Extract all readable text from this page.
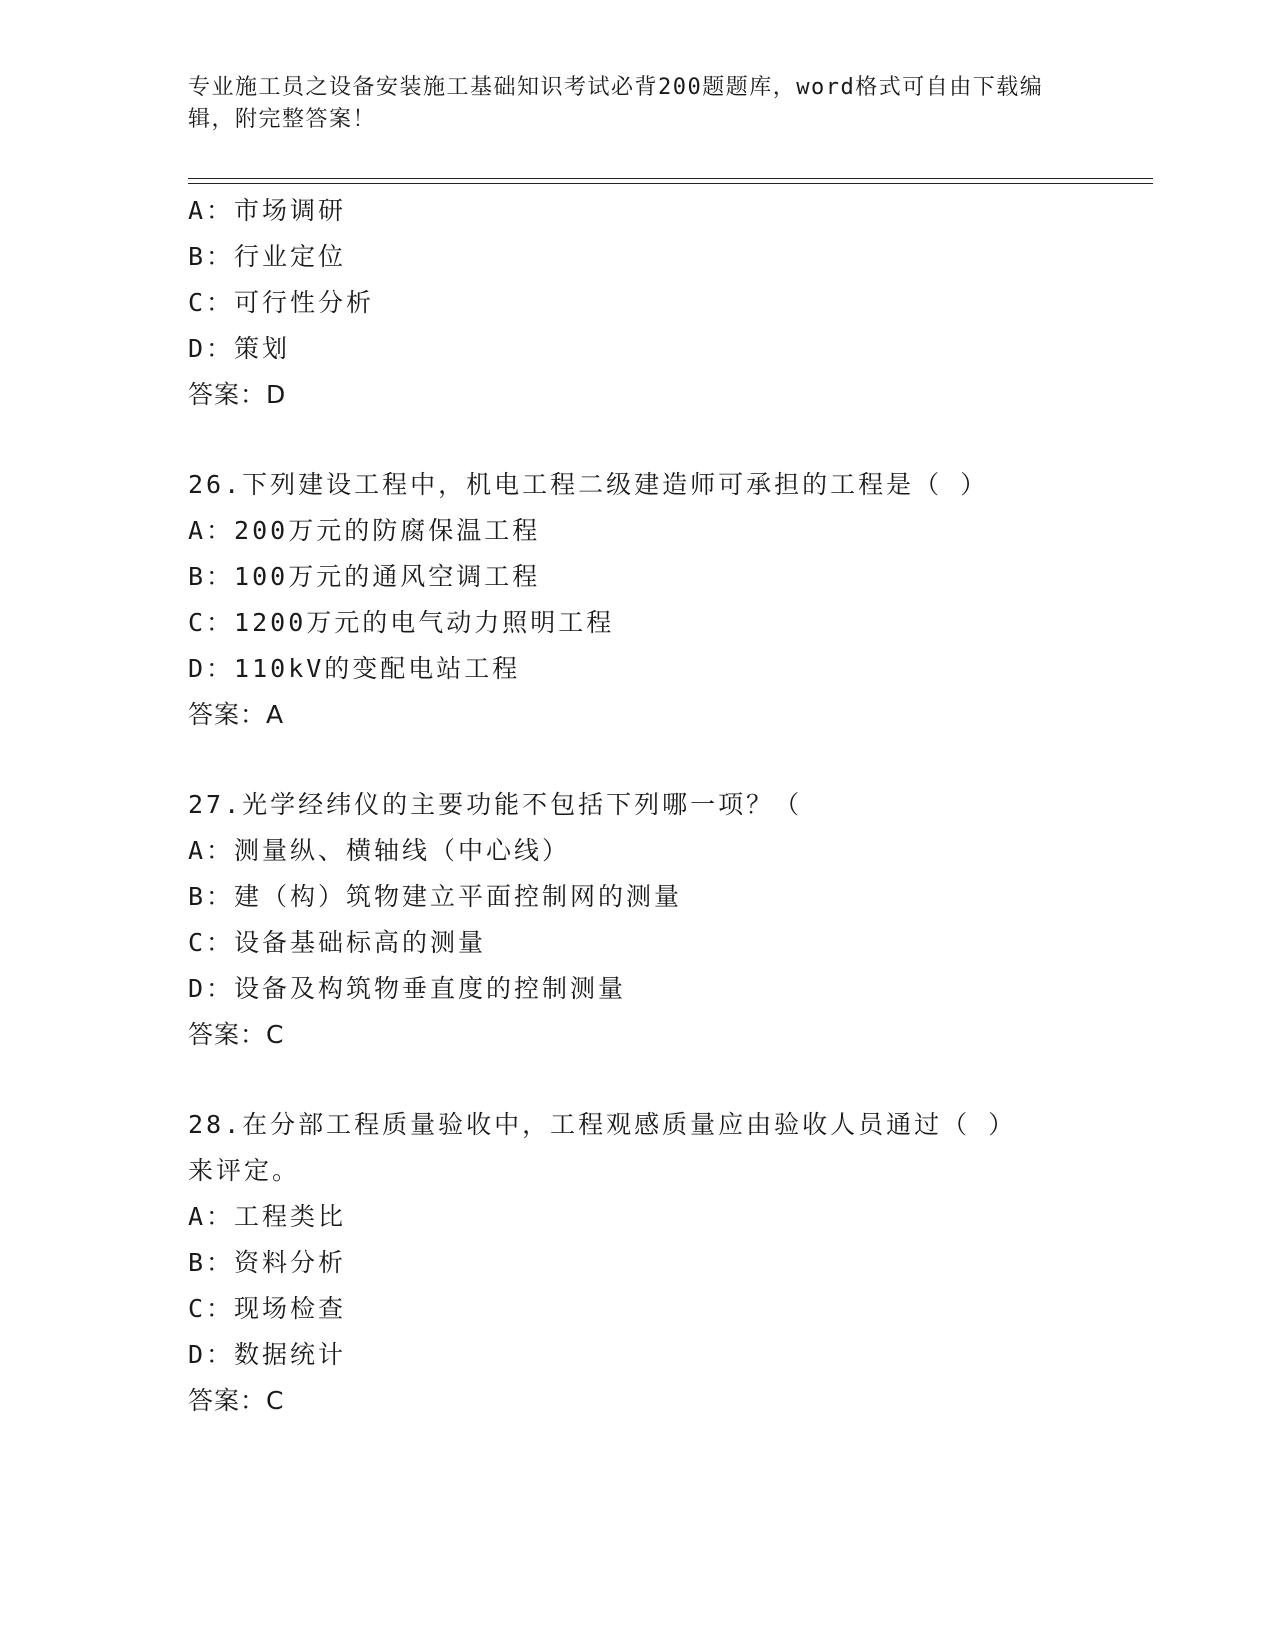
专业施工员之设备安装施工基础知识考试必背200题题库，word格式可自由下载编辑，附完整答案！
A：市场调研
B：行业定位
C：可行性分析
D：策划
答案：D
26.下列建设工程中，机电工程二级建造师可承担的工程是（ ）
A：200万元的防腐保温工程
B：100万元的通风空调工程
C：1200万元的电气动力照明工程
D：110kV的变配电站工程
答案：A
27.光学经纬仪的主要功能不包括下列哪一项？（
A：测量纵、横轴线（中心线）
B：建（构）筑物建立平面控制网的测量
C：设备基础标高的测量
D：设备及构筑物垂直度的控制测量
答案：C
28.在分部工程质量验收中，工程观感质量应由验收人员通过（ ）来评定。
A：工程类比
B：资料分析
C：现场检查
D：数据统计
答案：C
